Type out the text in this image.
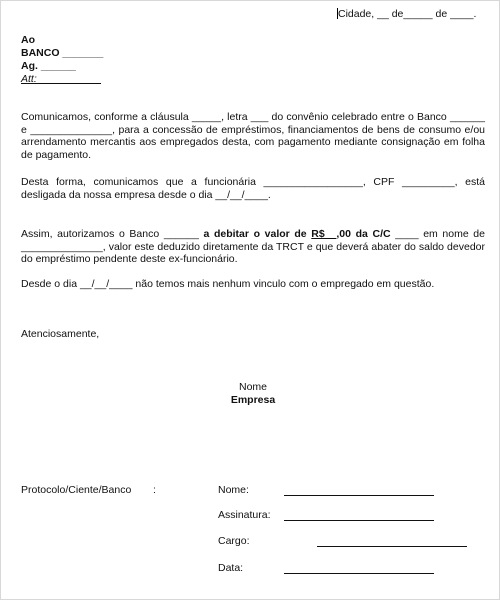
Cidade, __ de_____ de ____.
Ao
BANCO _______
Ag. ______
Att:___________
Comunicamos, conforme a cláusula _____, letra ___ do convênio celebrado entre o Banco ______ e ______________, para a concessão de empréstimos, financiamentos de bens de consumo e/ou arrendamento mercantis aos empregados desta, com pagamento mediante consignação em folha de pagamento.
Desta forma, comunicamos que a funcionária _________________, CPF _________, está desligada da nossa empresa desde o dia __/__/____.
Assim, autorizamos o Banco ______ a debitar o valor de R$__,00 da C/C ____ em nome de ______________, valor este deduzido diretamente da TRCT e que deverá abater do saldo devedor do empréstimo pendente deste ex-funcionário.
Desde o dia __/__/____ não temos mais nenhum vinculo com o empregado em questão.
Atenciosamente,
Nome
Empresa
Protocolo/Ciente/Banco :	Nome:
Assinatura:
Cargo:
Data:
